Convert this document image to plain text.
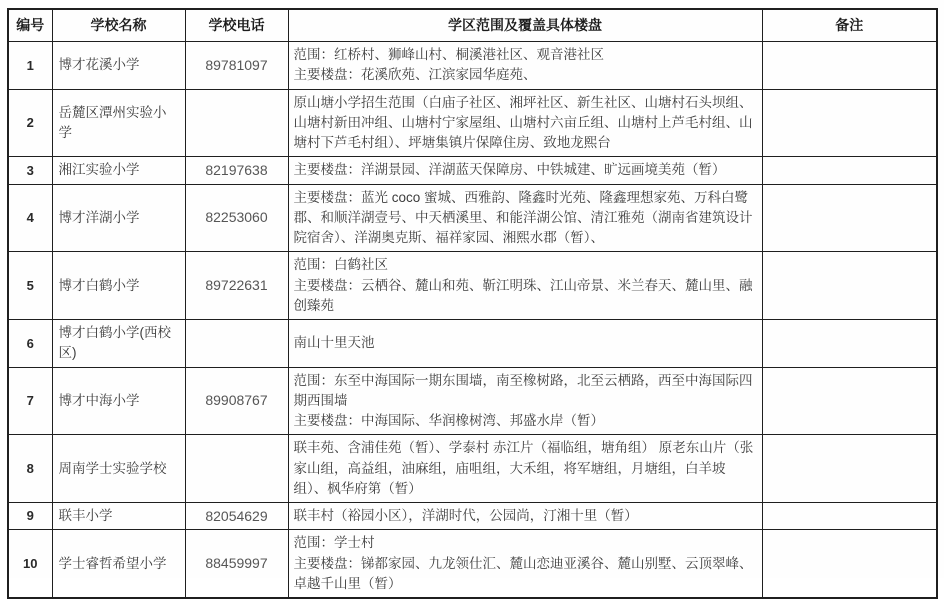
编号	学校名称	学校电话	学区范围及覆盖具体楼盘	备注
1	博才花溪小学	89781097	范围：红桥村、狮峰山村、桐溪港社区、观音港社区
主要楼盘：花溪欣苑、江滨家园华庭苑、	

2	岳麓区潭州实验小学		原山塘小学招生范围（白庙子社区、湘坪社区、新生社区、山塘村石头坝组、山塘村新田冲组、山塘村宁家屋组、山塘村六亩丘组、山塘村上芦毛村组、山塘村下芦毛村组）、坪塘集镇片保障住房、致地龙熙台	

3	湘江实验小学	82197638	主要楼盘：洋湖景园、洋湖蓝天保障房、中铁城建、旷远画境美苑（暂）	

4	博才洋湖小学	82253060	主要楼盘：蓝光 coco 蜜城、西雅韵、隆鑫时光苑、隆鑫理想家苑、万科白鹭郡、和顺洋湖壹号、中天栖溪里、和能洋湖公馆、清江雅苑（湖南省建筑设计院宿舍）、洋湖奥克斯、福祥家园、湘熙水郡（暂）、	

5	博才白鹤小学	89722631	范围：白鹤社区
主要楼盘：云栖谷、麓山和苑、靳江明珠、江山帝景、米兰春天、麓山里、融创臻苑	

6	博才白鹤小学(西校区)		南山十里天池	

7	博才中海小学	89908767	范围：东至中海国际一期东围墙，南至橡树路，北至云栖路，西至中海国际四期西围墙
主要楼盘：中海国际、华润橡树湾、邦盛水岸（暂）	

8	周南学士实验学校		联丰苑、含浦佳苑（暂）、学泰村 赤江片（福临组，塘角组） 原老东山片（张家山组，高益组，油麻组，庙咀组，大禾组，将军塘组，月塘组，白羊坡组）、枫华府第（暂）	

9	联丰小学	82054629	联丰村（裕园小区），洋湖时代，公园尚，汀湘十里（暂）	

10	学士睿哲希望小学	88459997	范围：学士村
主要楼盘：锑都家园、九龙领仕汇、麓山恋迪亚溪谷、麓山别墅、云顶翠峰、卓越千山里（暂）	
